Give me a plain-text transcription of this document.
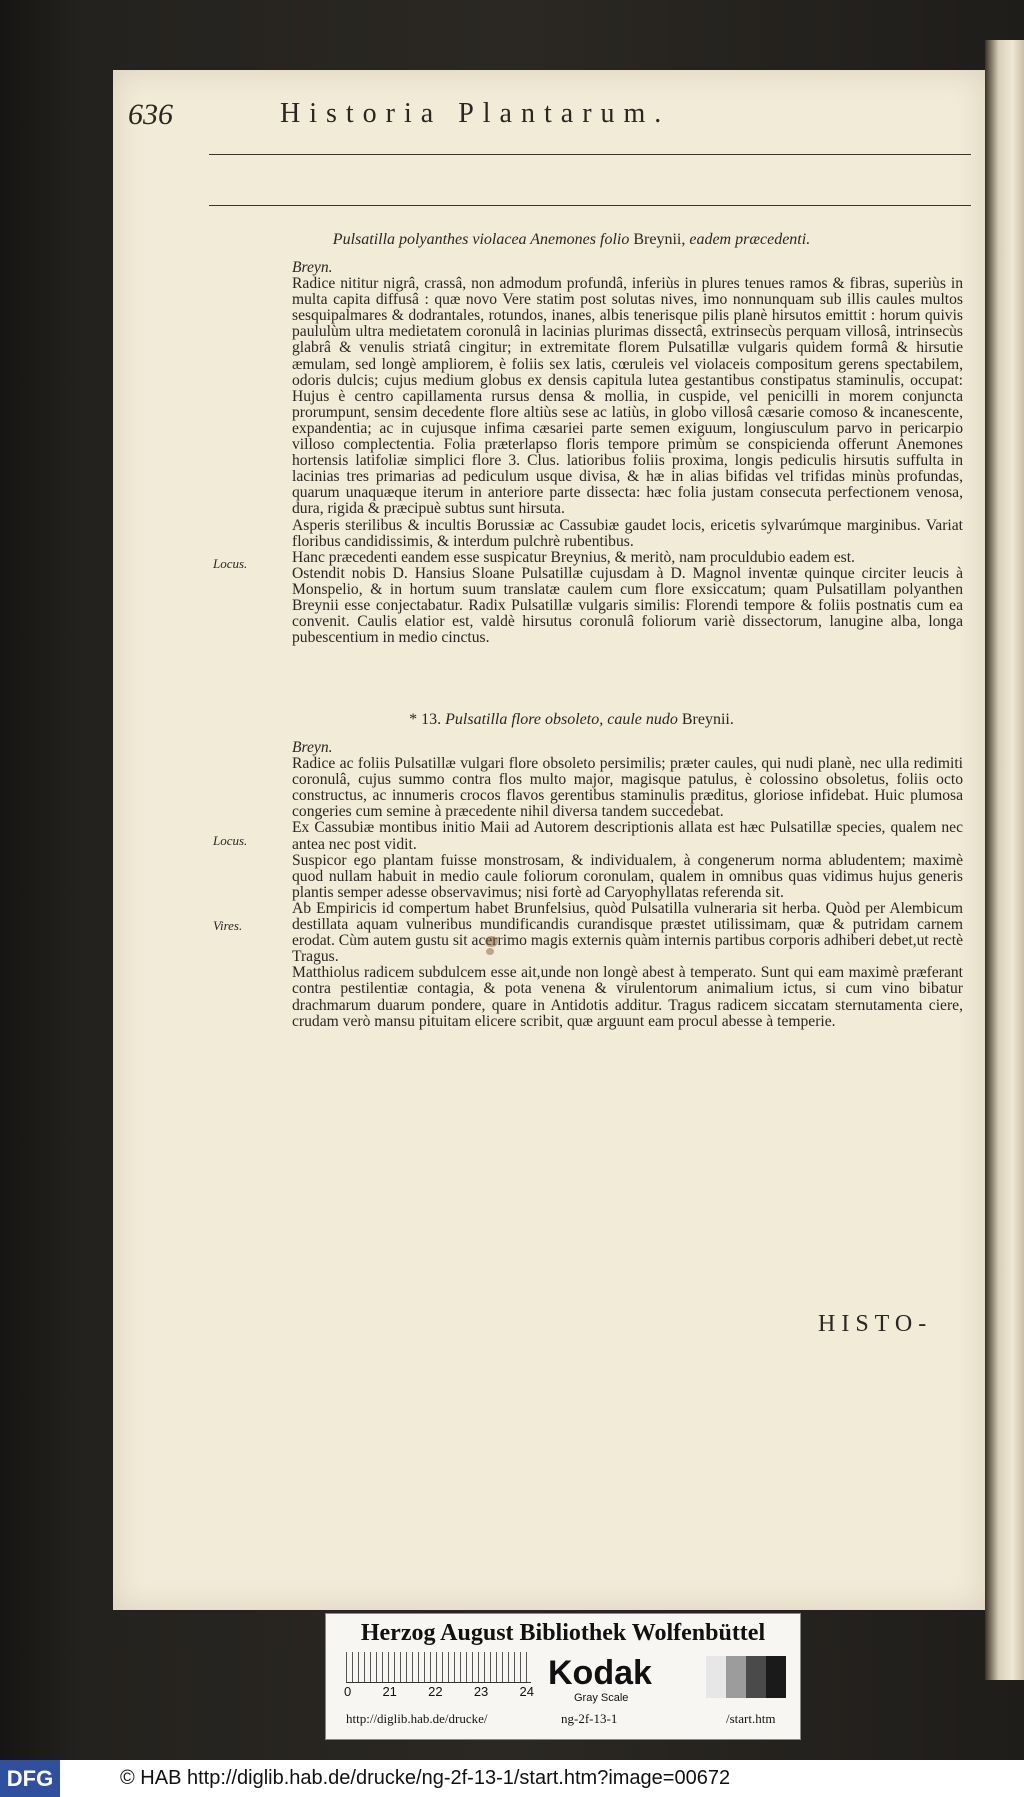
636	Historia Plantarum.
Pulsatilla polyanthes violacea Anemones folio Breynii, eadem præcedenti.

Breyn.

Radice nititur nigrâ, crassâ, non admodum profundâ, inferiùs in plures tenues ramos & fibras, superiùs in multa capita diffusâ : quæ novo Vere statim post solutas nives, imo nonnunquam sub illis caules multos sesquipalmares & dodrantales, rotundos, inanes, albis tenerisque pilis planè hirsutos emittit : horum quivis paululùm ultra medietatem coronulâ in lacinias plurimas dissectâ, extrinsecùs perquam villosâ, intrinsecùs glabrâ & venulis striatâ cingitur; in extremitate florem Pulsatillæ vulgaris quidem formâ & hirsutie æmulam, sed longè ampliorem, è foliis sex latis, cœruleis vel violaceis compositum gerens spectabilem, odoris dulcis; cujus medium globus ex densis capitula lutea gestantibus constipatus staminulis, occupat: Hujus è centro capillamenta rursus densa & mollia, in cuspide, vel penicilli in morem conjuncta prorumpunt, sensim decedente flore altiùs sese ac latiùs, in globo villosâ cæsarie comoso & incanescente, expandentia; ac in cujusque infima cæsariei parte semen exiguum, longiusculum parvo in pericarpio villoso complectentia. Folia præterlapso floris tempore primùm se conspicienda offerunt Anemones hortensis latifoliæ simplici flore 3. Clus. latioribus foliis proxima, longis pediculis hirsutis suffulta in lacinias tres primarias ad pediculum usque divisa, & hæ in alias bifidas vel trifidas minùs profundas, quarum unaquæque iterum in anteriore parte dissecta: hæc folia justam consecuta perfectionem venosa, dura, rigida & præcipuè subtus sunt hirsuta.

Asperis sterilibus & incultis Borussiæ ac Cassubiæ gaudet locis, ericetis sylvarúmque marginibus. Variat floribus candidissimis, & interdum pulchrè rubentibus.

Hanc præcedenti eandem esse suspicatur Breynius, & meritò, nam proculdubio eadem est.

Ostendit nobis D. Hansius Sloane Pulsatillæ cujusdam à D. Magnol inventæ quinque circiter leucis à Monspelio, & in hortum suum translatæ caulem cum flore exsiccatum; quam Pulsatillam polyanthen Breynii esse conjectabatur. Radix Pulsatillæ vulgaris similis: Florendi tempore & foliis postnatis cum ea convenit. Caulis elatior est, valdè hirsutus coronulâ foliorum variè dissectorum, lanugine alba, longa pubescentium in medio cinctus.

Locus.
* 13. Pulsatilla flore obsoleto, caule nudo Breynii.

Breyn.

Radice ac foliis Pulsatillæ vulgari flore obsoleto persimilis; præter caules, qui nudi planè, nec ulla redimiti coronulâ, cujus summo contra flos multo major, magisque patulus, è colossino obsoletus, foliis octo constructus, ac innumeris crocos flavos gerentibus staminulis præditus, gloriose infidebat. Huic plumosa congeries cum semine à præcedente nihil diversa tandem succedebat.

Ex Cassubiæ montibus initio Maii ad Autorem descriptionis allata est hæc Pulsatillæ species, qualem nec antea nec post vidit.

Suspicor ego plantam fuisse monstrosam, & individualem, à congenerum norma abludentem; maximè quod nullam habuit in medio caule foliorum coronulam, qualem in omnibus quas vidimus hujus generis plantis semper adesse observavimus; nisi fortè ad Caryophyllatas referenda sit.

Ab Empiricis id compertum habet Brunfelsius, quòd Pulsatilla vulneraria sit herba. Quòd per Alembicum destillata aquam vulneribus mundificandis curandisque præstet utilissimam, quæ & putridam carnem erodat. Cùm autem gustu sit acerrimo magis externis quàm internis partibus corporis adhiberi debet,ut rectè Tragus.

Matthiolus radicem subdulcem esse ait,unde non longè abest à temperato. Sunt qui eam maximè præferant contra pestilentiæ contagia, & pota venena & virulentorum animalium ictus, si cum vino bibatur drachmarum duarum pondere, quare in Antidotis additur. Tragus radicem siccatam sternutamenta ciere, crudam verò mansu pituitam elicere scribit, quæ arguunt eam procul abesse à temperie.

Locus.
Vires.
HISTO-
Herzog August Bibliothek Wolfenbüttel
0 21 22 23 24 Kodak
Gray Scale
http://diglib.hab.de/drucke/	ng-2f-13-1	/start.htm
DFG	© HAB http://diglib.hab.de/drucke/ng-2f-13-1/start.htm?image=00672
